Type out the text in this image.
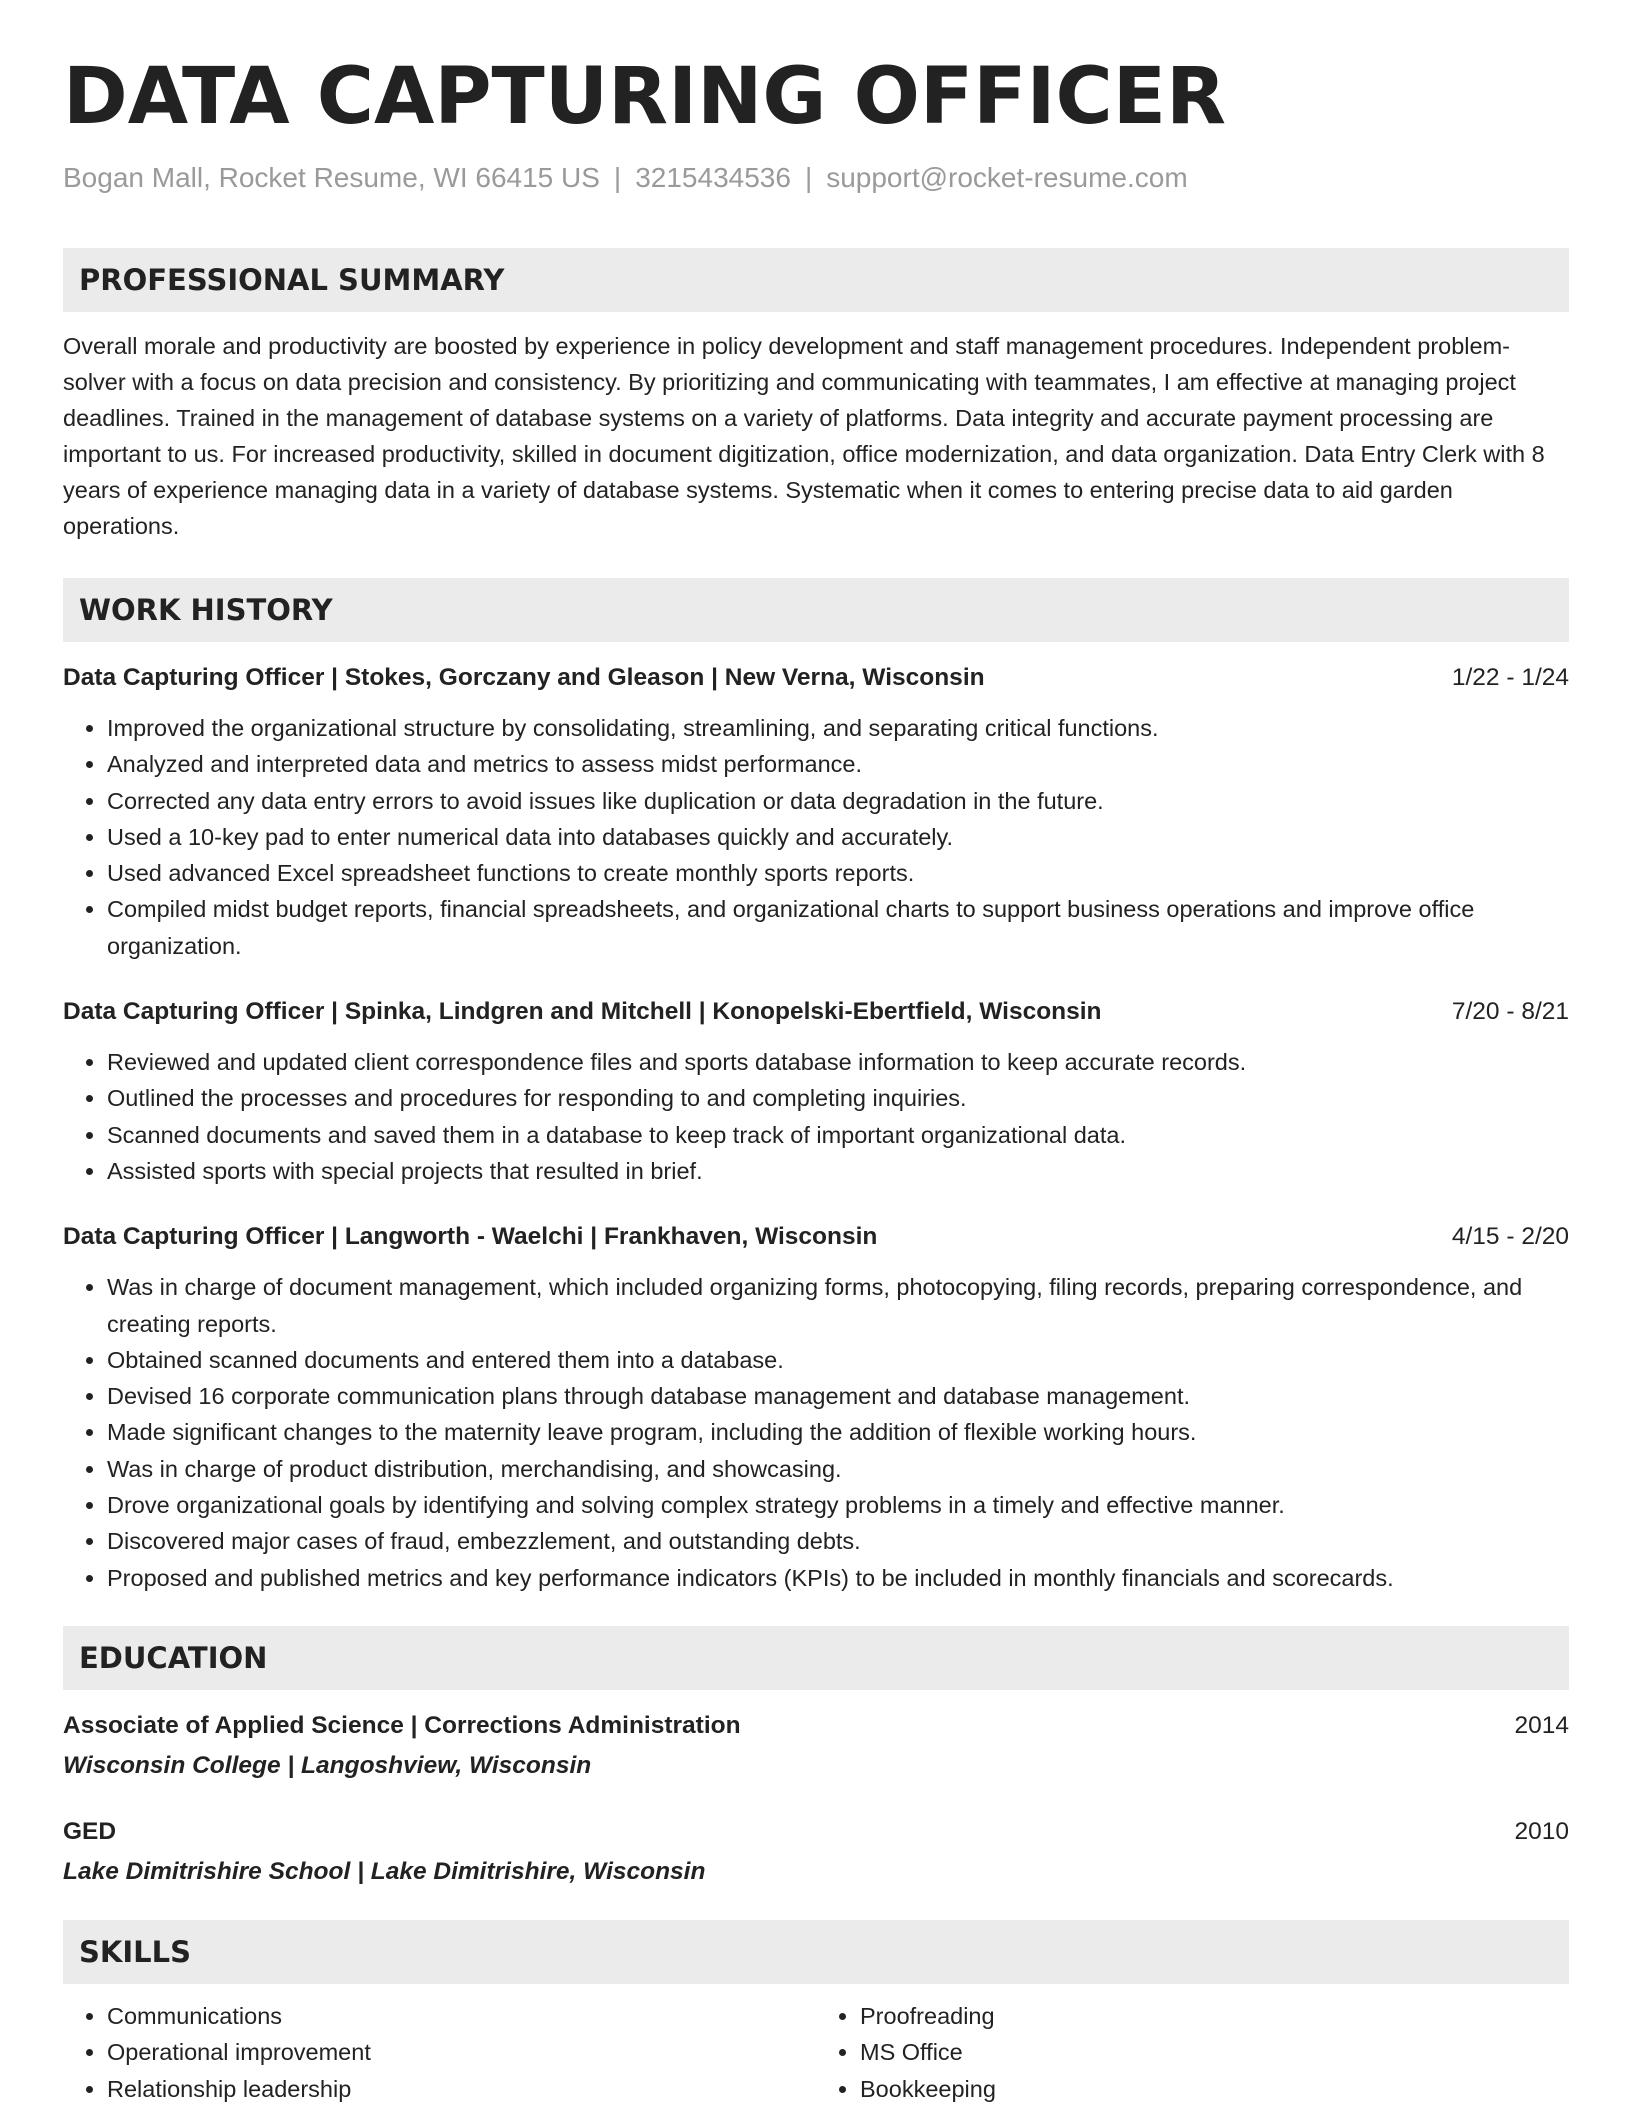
DATA CAPTURING OFFICER
Bogan Mall, Rocket Resume, WI 66415 US | 3215434536 | support@rocket-resume.com
PROFESSIONAL SUMMARY
Overall morale and productivity are boosted by experience in policy development and staff management procedures. Independent problem-solver with a focus on data precision and consistency. By prioritizing and communicating with teammates, I am effective at managing project deadlines. Trained in the management of database systems on a variety of platforms. Data integrity and accurate payment processing are important to us. For increased productivity, skilled in document digitization, office modernization, and data organization. Data Entry Clerk with 8 years of experience managing data in a variety of database systems. Systematic when it comes to entering precise data to aid garden operations.
WORK HISTORY
Data Capturing Officer | Stokes, Gorczany and Gleason | New Verna, Wisconsin	1/22 - 1/24
• Improved the organizational structure by consolidating, streamlining, and separating critical functions.
• Analyzed and interpreted data and metrics to assess midst performance.
• Corrected any data entry errors to avoid issues like duplication or data degradation in the future.
• Used a 10-key pad to enter numerical data into databases quickly and accurately.
• Used advanced Excel spreadsheet functions to create monthly sports reports.
• Compiled midst budget reports, financial spreadsheets, and organizational charts to support business operations and improve office organization.
Data Capturing Officer | Spinka, Lindgren and Mitchell | Konopelski-Ebertfield, Wisconsin	7/20 - 8/21
• Reviewed and updated client correspondence files and sports database information to keep accurate records.
• Outlined the processes and procedures for responding to and completing inquiries.
• Scanned documents and saved them in a database to keep track of important organizational data.
• Assisted sports with special projects that resulted in brief.
Data Capturing Officer | Langworth - Waelchi | Frankhaven, Wisconsin	4/15 - 2/20
• Was in charge of document management, which included organizing forms, photocopying, filing records, preparing correspondence, and creating reports.
• Obtained scanned documents and entered them into a database.
• Devised 16 corporate communication plans through database management and database management.
• Made significant changes to the maternity leave program, including the addition of flexible working hours.
• Was in charge of product distribution, merchandising, and showcasing.
• Drove organizational goals by identifying and solving complex strategy problems in a timely and effective manner.
• Discovered major cases of fraud, embezzlement, and outstanding debts.
• Proposed and published metrics and key performance indicators (KPIs) to be included in monthly financials and scorecards.
EDUCATION
Associate of Applied Science | Corrections Administration	2014
Wisconsin College | Langoshview, Wisconsin
GED	2010
Lake Dimitrishire School | Lake Dimitrishire, Wisconsin
SKILLS
• Communications
• Operational improvement
• Relationship leadership
• Proofreading
• MS Office
• Bookkeeping
